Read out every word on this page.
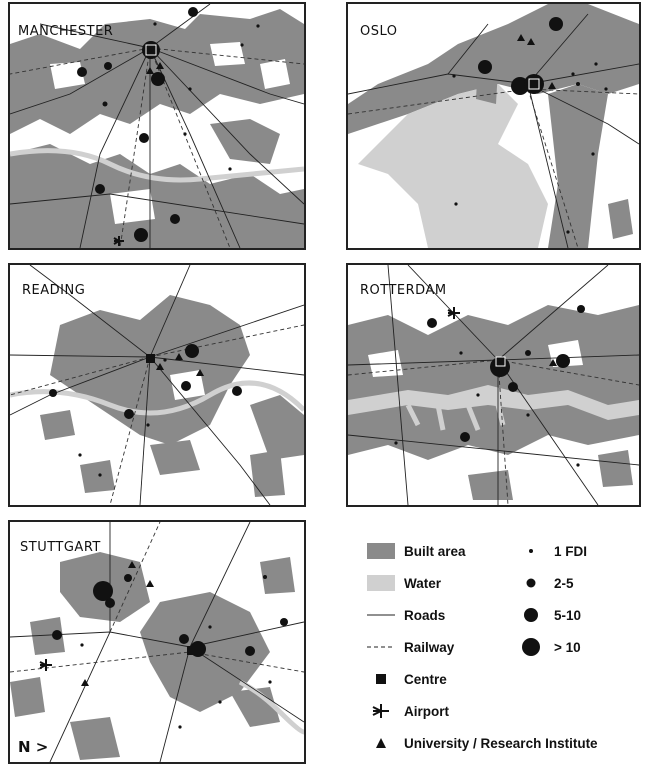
MANCHESTER	OSLO
READING	ROTTERDAM
STUTTGART
N >
Built area
Water
Roads
Railway
Centre
Airport
University / Research Institute
1 FDI
2-5
5-10
> 10
